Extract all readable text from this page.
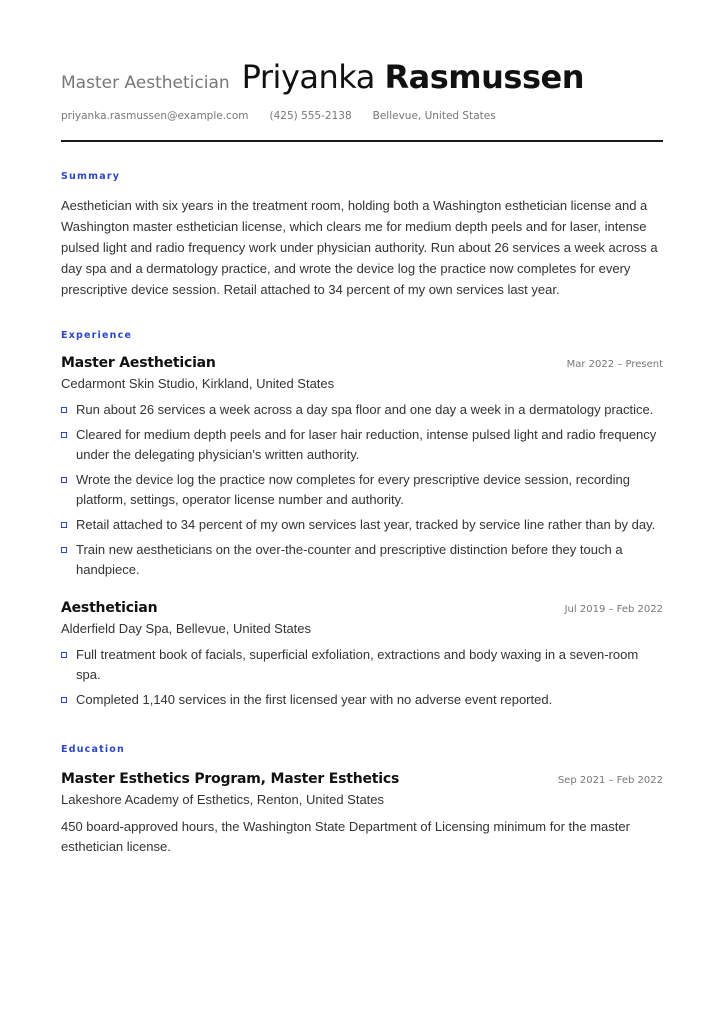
Master Aesthetician Priyanka Rasmussen
priyanka.rasmussen@example.com (425) 555-2138 Bellevue, United States
Summary

Aesthetician with six years in the treatment room, holding both a Washington esthetician license and a Washington master esthetician license, which clears me for medium depth peels and for laser, intense pulsed light and radio frequency work under physician authority. Run about 26 services a week across a day spa and a dermatology practice, and wrote the device log the practice now completes for every prescriptive device session. Retail attached to 34 percent of my own services last year.

Experience
Master Aesthetician	Mar 2022 – Present
Cedarmont Skin Studio, Kirkland, United States
Run about 26 services a week across a day spa floor and one day a week in a dermatology practice.
Cleared for medium depth peels and for laser hair reduction, intense pulsed light and radio frequency under the delegating physician's written authority.
Wrote the device log the practice now completes for every prescriptive device session, recording platform, settings, operator license number and authority.
Retail attached to 34 percent of my own services last year, tracked by service line rather than by day.
Train new aestheticians on the over-the-counter and prescriptive distinction before they touch a handpiece.
Aesthetician	Jul 2019 – Feb 2022
Alderfield Day Spa, Bellevue, United States
Full treatment book of facials, superficial exfoliation, extractions and body waxing in a seven-room spa.
Completed 1,140 services in the first licensed year with no adverse event reported.
Education
Master Esthetics Program, Master Esthetics	Sep 2021 – Feb 2022
Lakeshore Academy of Esthetics, Renton, United States

450 board-approved hours, the Washington State Department of Licensing minimum for the master esthetician license.
